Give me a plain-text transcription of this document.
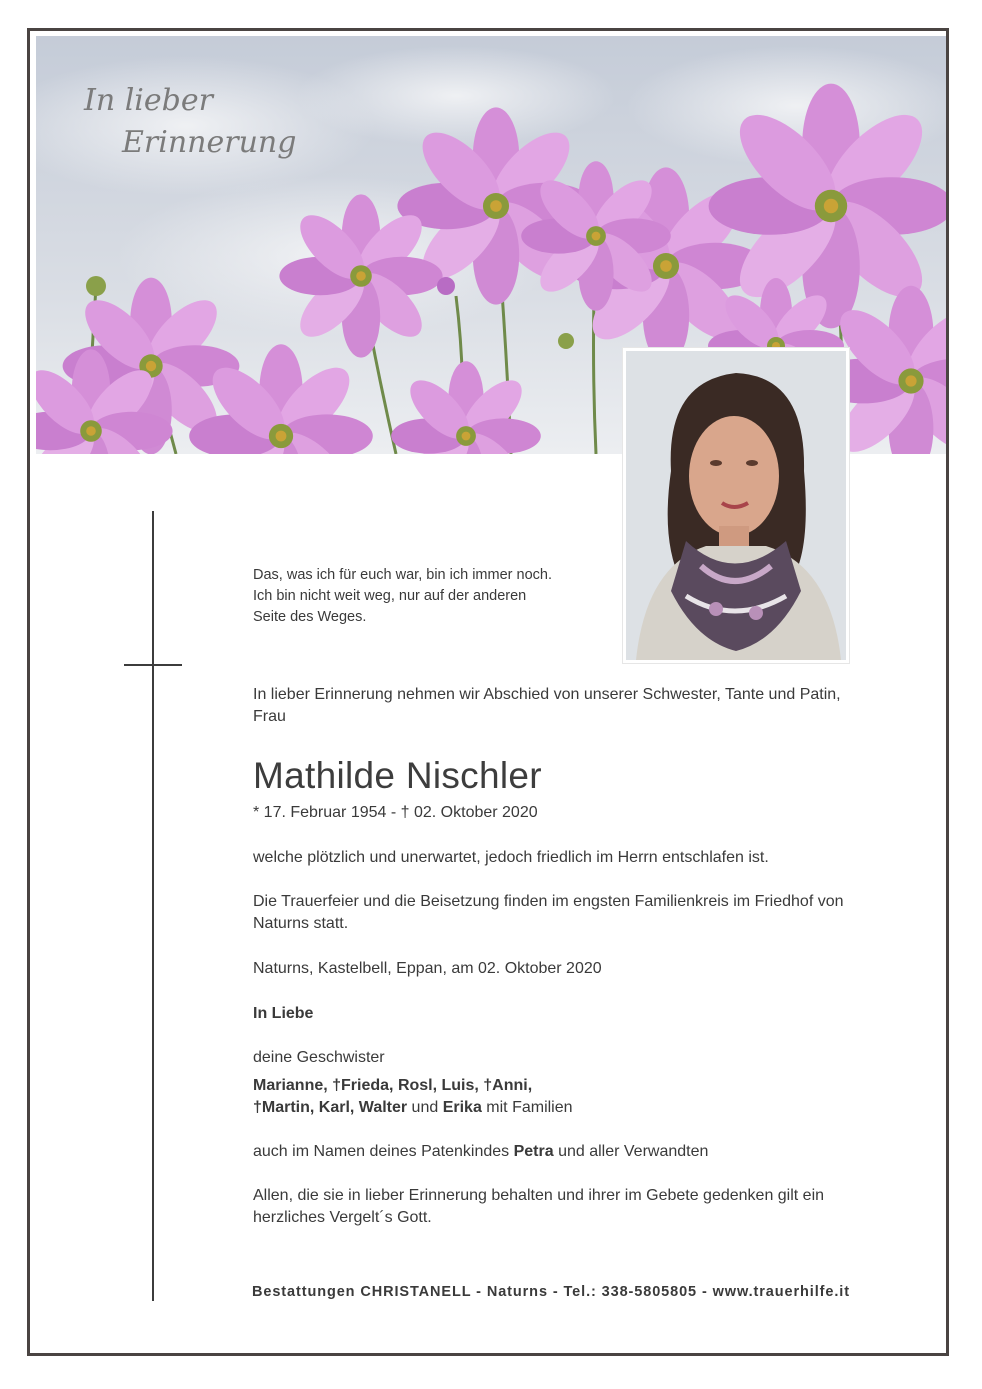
In lieber
Erinnerung
Das, was ich für euch war, bin ich immer noch.
Ich bin nicht weit weg, nur auf der anderen
Seite des Weges.
In lieber Erinnerung nehmen wir Abschied von unserer Schwester, Tante und Patin, Frau
Mathilde Nischler
* 17. Februar 1954 - † 02. Oktober 2020
welche plötzlich und unerwartet, jedoch friedlich im Herrn entschlafen ist.
Die Trauerfeier und die Beisetzung finden im engsten Familienkreis im Friedhof von Naturns statt.
Naturns, Kastelbell, Eppan, am 02. Oktober 2020
In Liebe
deine Geschwister
Marianne, †Frieda, Rosl, Luis, †Anni,
†Martin, Karl, Walter und Erika mit Familien
auch im Namen deines Patenkindes Petra und aller Verwandten
Allen, die sie in lieber Erinnerung behalten und ihrer im Gebete gedenken gilt ein herzliches Vergelt´s Gott.
Bestattungen CHRISTANELL - Naturns - Tel.: 338-5805805 - www.trauerhilfe.it
